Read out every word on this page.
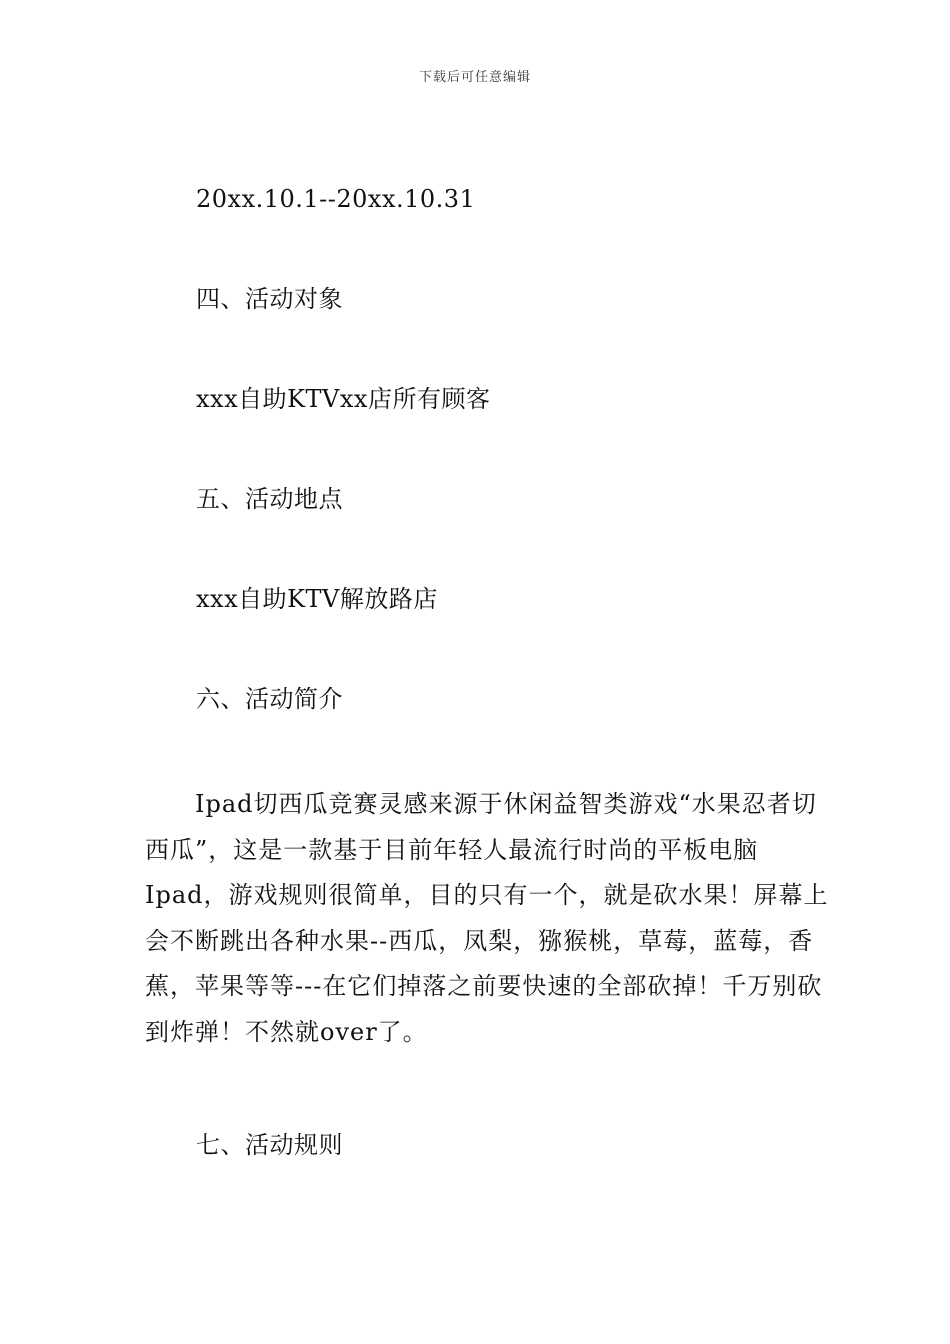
下载后可任意编辑
20xx.10.1--20xx.10.31
四、活动对象
xxx自助KTVxx店所有顾客
五、活动地点
xxx自助KTV解放路店
六、活动简介

Ipad切西瓜竞赛灵感来源于休闲益智类游戏“水果忍者切西瓜”，这是一款基于目前年轻人最流行时尚的平板电脑Ipad，游戏规则很简单，目的只有一个，就是砍水果！屏幕上会不断跳出各种水果--西瓜，凤梨，猕猴桃，草莓，蓝莓，香蕉，苹果等等---在它们掉落之前要快速的全部砍掉！千万别砍到炸弹！不然就over了。

七、活动规则
